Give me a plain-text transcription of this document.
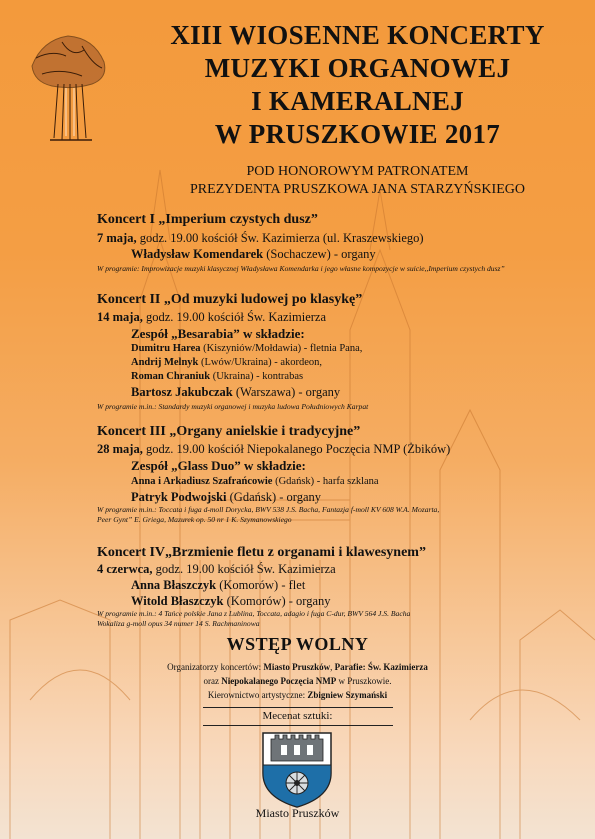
XIII WIOSENNE KONCERTY
MUZYKI ORGANOWEJ
I KAMERALNEJ
W PRUSZKOWIE 2017
POD HONOROWYM PATRONATEM
PREZYDENTA PRUSZKOWA JANA STARZYŃSKIEGO
Koncert I „Imperium czystych dusz”
7 maja, godz. 19.00 kościół Św. Kazimierza (ul. Kraszewskiego)
Władysław Komendarek (Sochaczew) - organy
W programie: Improwizacje muzyki klasycznej Władysława Komendarka i jego własne kompozycje w suicie,,Imperium czystych dusz”
Koncert II „Od muzyki ludowej po klasykę”
14 maja, godz. 19.00 kościół Św. Kazimierza
Zespół „Besarabia” w składzie:
Dumitru Harea (Kiszyniów/Mołdawia) - fletnia Pana,
Andrij Melnyk (Lwów/Ukraina) - akordeon,
Roman Chraniuk (Ukraina) - kontrabas
Bartosz Jakubczak (Warszawa) - organy
W programie m.in.: Standardy muzyki organowej i muzyka ludowa Południowych Karpat
Koncert III „Organy anielskie i tradycyjne”
28 maja, godz. 19.00 kościół Niepokalanego Poczęcia NMP (Żbików)
Zespół „Glass Duo” w składzie:
Anna i Arkadiusz Szafrańcowie (Gdańsk) - harfa szklana
Patryk Podwojski (Gdańsk) - organy
W programie m.in.: Toccata i fuga d-moll Dorycka, BWV 538 J.S. Bacha, Fantazja f-moll KV 608 W.A. Mozarta,
Peer Gynt” E. Griega, Mazurek op. 50 nr 1 K. Szymanowskiego
Koncert IV„Brzmienie fletu z organami i klawesynem”
4 czerwca, godz. 19.00 kościół Św. Kazimierza
Anna Błaszczyk (Komorów) - flet
Witold Błaszczyk (Komorów) - organy
W programie m.in.: 4 Tańce polskie Jana z Lublina, Toccata, adagio i fuga C-dur, BWV 564 J.S. Bacha
Wokaliza g-moll opus 34 numer 14 S. Rachmaninowa
WSTĘP WOLNY
Organizatorzy koncertów: Miasto Pruszków, Parafie: Św. Kazimierza
oraz Niepokalanego Poczęcia NMP w Pruszkowie.
Kierownictwo artystyczne: Zbigniew Szymański
Mecenat sztuki:
Miasto Pruszków
